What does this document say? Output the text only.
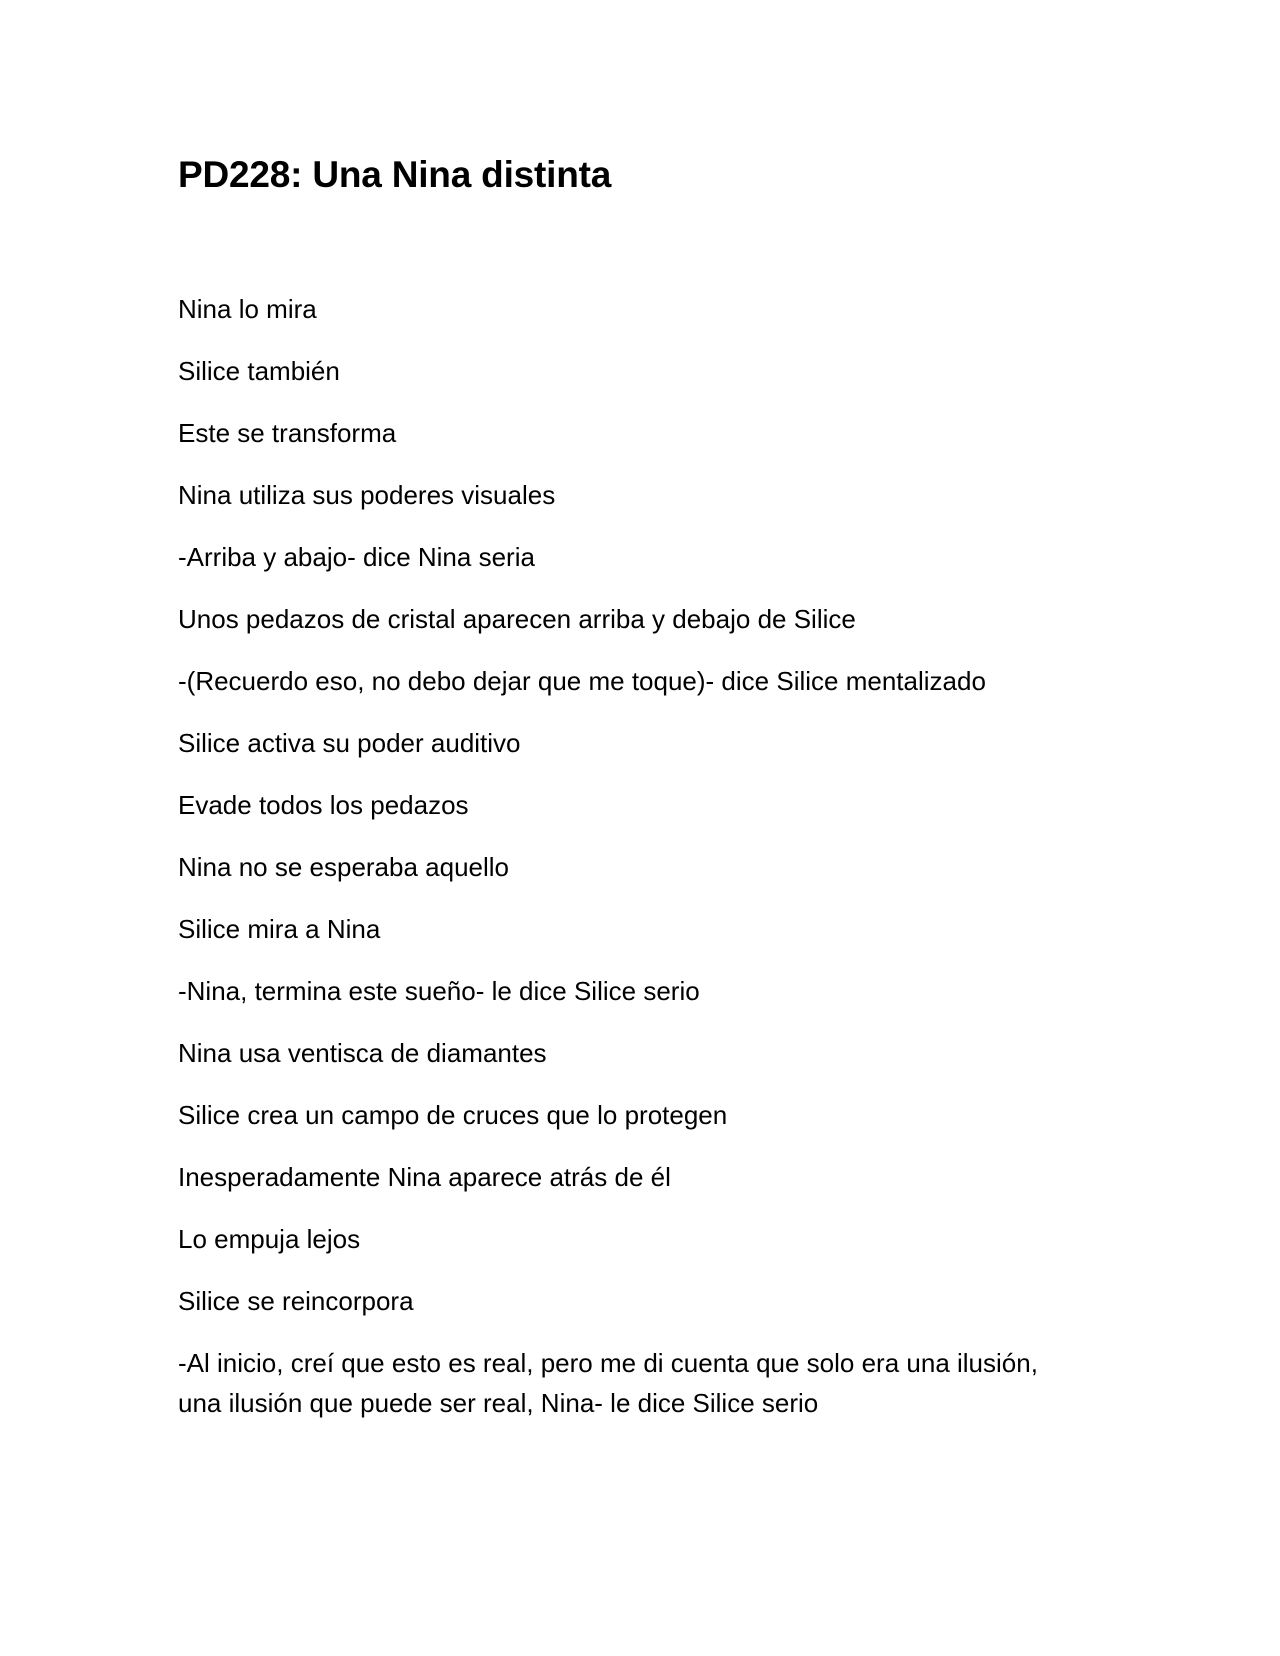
PD228: Una Nina distinta

Nina lo mira

Silice también

Este se transforma

Nina utiliza sus poderes visuales

-Arriba y abajo- dice Nina seria

Unos pedazos de cristal aparecen arriba y debajo de Silice

-(Recuerdo eso, no debo dejar que me toque)- dice Silice mentalizado

Silice activa su poder auditivo

Evade todos los pedazos

Nina no se esperaba aquello

Silice mira a Nina

-Nina, termina este sueño- le dice Silice serio

Nina usa ventisca de diamantes

Silice crea un campo de cruces que lo protegen

Inesperadamente Nina aparece atrás de él

Lo empuja lejos

Silice se reincorpora

-Al inicio, creí que esto es real, pero me di cuenta que solo era una ilusión, una ilusión que puede ser real, Nina- le dice Silice serio
